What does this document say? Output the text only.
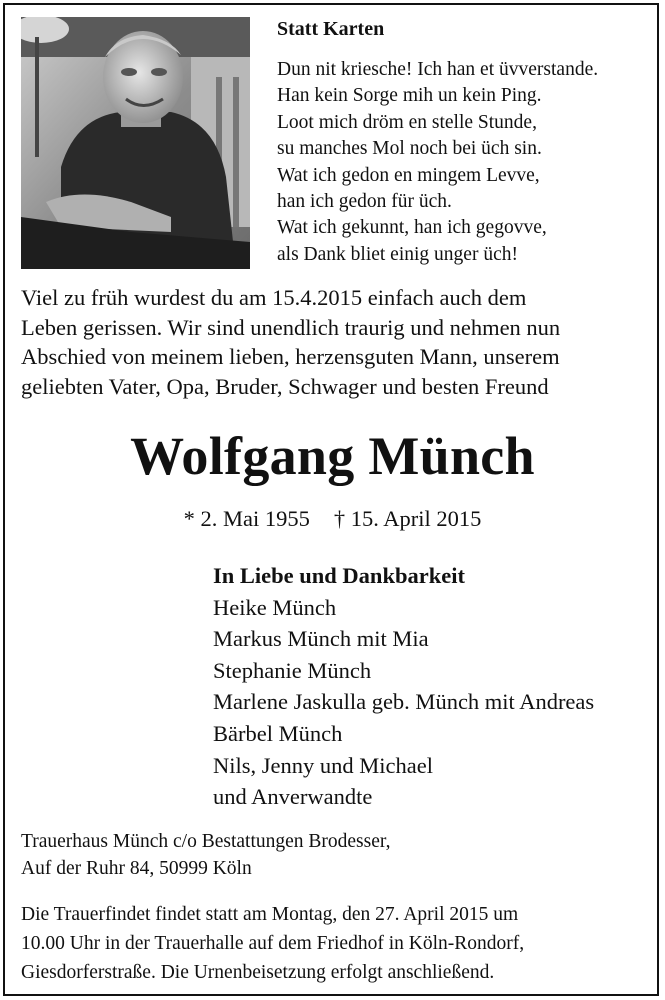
Statt Karten

Dun nit kriesche! Ich han et üvverstande.
Han kein Sorge mih un kein Ping.
Loot mich dröm en stelle Stunde,
su manches Mol noch bei üch sin.
Wat ich gedon en mingem Levve,
han ich gedon für üch.
Wat ich gekunnt, han ich gegovve,
als Dank bliet einig unger üch!
Viel zu früh wurdest du am 15.4.2015 einfach auch dem
Leben gerissen. Wir sind unendlich traurig und nehmen nun
Abschied von meinem lieben, herzensguten Mann, unserem
geliebten Vater, Opa, Bruder, Schwager und besten Freund
Wolfgang Münch

* 2. Mai 1955 † 15. April 2015

In Liebe und Dankbarkeit
Heike Münch
Markus Münch mit Mia
Stephanie Münch
Marlene Jaskulla geb. Münch mit Andreas
Bärbel Münch
Nils, Jenny und Michael
und Anverwandte
Trauerhaus Münch c/o Bestattungen Brodesser,
Auf der Ruhr 84, 50999 Köln
Die Trauerfindet findet statt am Montag, den 27. April 2015 um
10.00 Uhr in der Trauerhalle auf dem Friedhof in Köln-Rondorf,
Giesdorferstraße. Die Urnenbeisetzung erfolgt anschließend.
